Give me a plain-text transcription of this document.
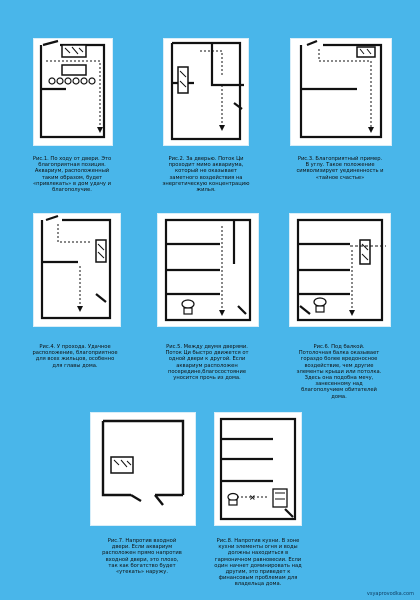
Рис.1. По ходу от двери. Это
благоприятная позиция.
Аквариум, расположенный
таким образом, будет
«привлекать» в дом удачу и
благополучие.
Рис.2. За дверью. Поток Ци
проходит мимо аквариума,
который не оказывает
заметного воздействия на
энергетическую концентрацию
жилья.
Рис.3. Благоприятный пример.
В углу. Такое положение
символизирует уединенность и
«тайное счастье»
Рис.4. У прохода. Удачное
расположение, благоприятное
для всех жильцов, особенно
для главы дома.
Рис.5. Между двумя дверями.
Поток Ци быстро движется от
одной двери к другой. Если
аквариум расположен
посередине,благосостояние
уносится прочь из дома.
Рис.6. Под балкой.
Потолочная балка оказывает
гораздо более вредоносное
воздействие, чем другие
элементы крыши или потолка.
Здесь она подобна мечу,
занесенному над
благополучием обитателей
дома.
Рис.7. Напротив входной
двери. Если аквариум
расположен прямо напротив
входной двери, это плохо,
так как богатство будет
«утекать» наружу.
×
Рис.8. Напротив кухни. В зоне
кухни элементы огня и воды
должны находиться в
гармоничном равновесии. Если
один начнет доминировать над
другим, это приведет к
финансовым проблемам для
владельца дома.
vsyaprovodka.com
